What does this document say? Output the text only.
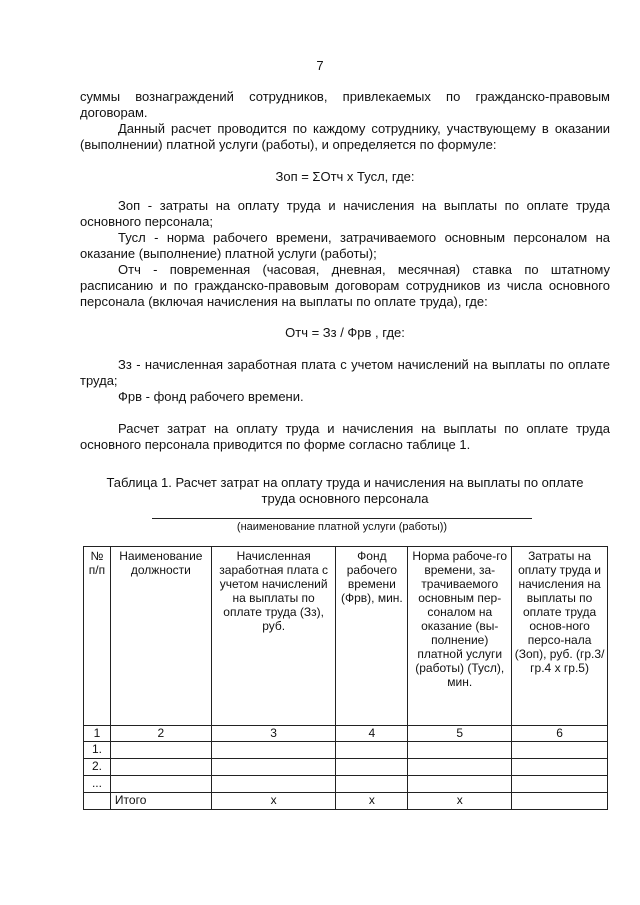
7

суммы вознаграждений сотрудников, привлекаемых по гражданско-правовым договорам.

Данный расчет проводится по каждому сотруднику, участвующему в оказании (выполнении) платной услуги (работы), и определяется по формуле:

Зоп = ΣОтч х Тусл, где:

Зоп - затраты на оплату труда и начисления на выплаты по оплате труда основного персонала;

Тусл - норма рабочего времени, затрачиваемого основным персоналом на оказание (выполнение) платной услуги (работы);

Отч - повременная (часовая, дневная, месячная) ставка по штатному расписанию и по гражданско-правовым договорам сотрудников из числа основного персонала (включая начисления на выплаты по оплате труда), где:

Отч = Зз / Фрв , где:

Зз - начисленная заработная плата с учетом начислений на выплаты по оплате труда;

Фрв - фонд рабочего времени.

Расчет затрат на оплату труда и начисления на выплаты по оплате труда основного персонала приводится по форме согласно таблице 1.

Таблица 1. Расчет затрат на оплату труда и начисления на выплаты по оплате
труда основного персонала
(наименование платной услуги (работы))
№ п/п	Наименование должности	Начисленная заработная плата с учетом начислений на выплаты по оплате труда (Зз), руб.	Фонд рабочего времени (Фрв), мин.	Норма рабоче-го времени, за-трачиваемого основным пер-соналом на оказание (вы-полнение) платной услуги (работы) (Тусл), мин.	Затраты на оплату труда и начисления на выплаты по оплате труда основ-ного персо-нала (Зоп), руб. (гр.3/гр.4 х гр.5)
1	2	3	4	5	6
1.					
2.					
...					
	Итого	х	х	х	
